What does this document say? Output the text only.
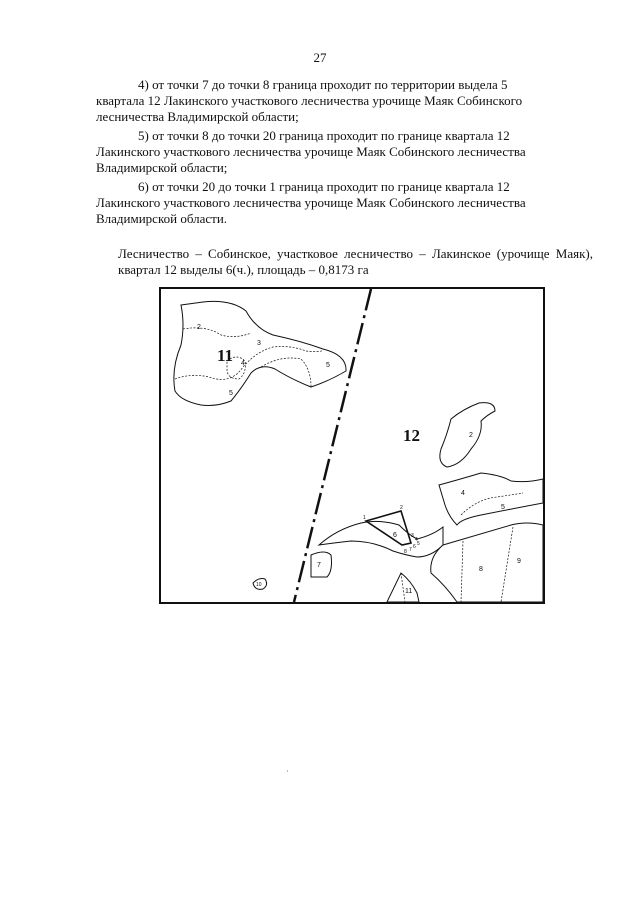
27
4) от точки 7 до точки 8 граница проходит по территории выдела 5
квартала 12 Лакинского участкового лесничества урочище Маяк Собинского
лесничества Владимирской области;
5) от точки 8 до точки 20 граница проходит по границе квартала 12
Лакинского участкового лесничества урочище Маяк Собинского лесничества
Владимирской области;
6) от точки 20 до точки 1 граница проходит по границе квартала 12
Лакинского участкового лесничества урочище Маяк Собинского лесничества
Владимирской области.
Лесничество – Собинское, участковое лесничество – Лакинское (урочище Маяк), квартал 12 выделы 6(ч.), площадь – 0,8173 га
2
3
4	5
5
11
12	2
4
5
6
1
2
3
4
5
6
7
8
7
8
9
10
11
